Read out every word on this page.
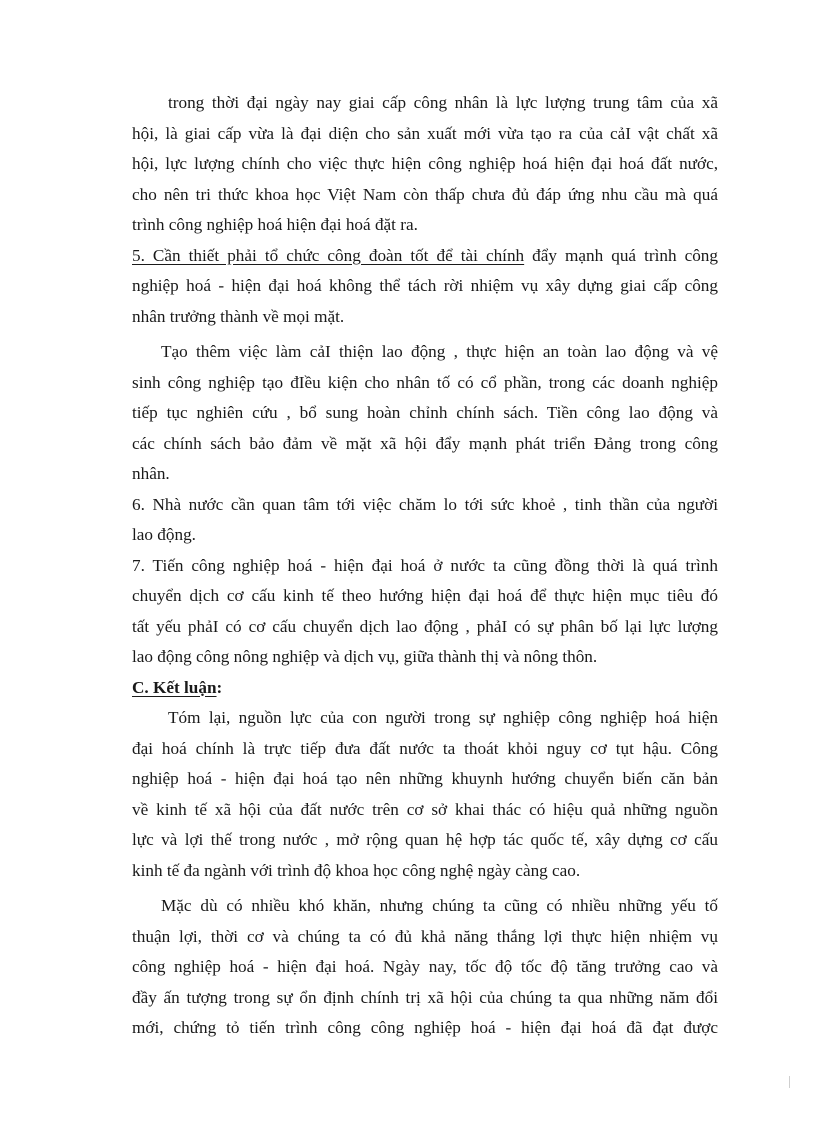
trong thời đại ngày nay giai cấp công nhân là lực lượng trung tâm của xã
hội, là giai cấp vừa là đại diện cho sản xuất mới vừa tạo ra của cảI vật chất xã
hội, lực lượng chính cho việc thực hiện công nghiệp hoá hiện đại hoá đất nước,
cho nên tri thức khoa học Việt Nam còn thấp chưa đủ đáp ứng nhu cầu mà quá
trình công nghiệp hoá hiện đại hoá đặt ra.
5. Cần thiết phải tổ chức công đoàn tốt để tài chính đẩy mạnh quá trình công
nghiệp hoá - hiện đại hoá không thể tách rời nhiệm vụ xây dựng giai cấp công
nhân trưởng thành về mọi mặt.
Tạo thêm việc làm cảI thiện lao động , thực hiện an toàn lao động và vệ
sinh công nghiệp tạo đIều kiện cho nhân tố có cổ phần, trong các doanh nghiệp
tiếp tục nghiên cứu , bổ sung hoàn chỉnh chính sách. Tiền công lao động và
các chính sách bảo đảm về mặt xã hội đẩy mạnh phát triển Đảng trong công
nhân.
6. Nhà nước cần quan tâm tới việc chăm lo tới sức khoẻ , tinh thần của người
lao động.
7. Tiến công nghiệp hoá - hiện đại hoá ở nước ta cũng đồng thời là quá trình
chuyển dịch cơ cấu kinh tế theo hướng hiện đại hoá để thực hiện mục tiêu đó
tất yếu phảI có cơ cấu chuyển dịch lao động , phảI có sự phân bố lại lực lượng
lao động công nông nghiệp và dịch vụ, giữa thành thị và nông thôn.
C. Kết luận:
Tóm lại, nguồn lực của con người trong sự nghiệp công nghiệp hoá hiện
đại hoá chính là trực tiếp đưa đất nước ta thoát khỏi nguy cơ tụt hậu. Công
nghiệp hoá - hiện đại hoá tạo nên những khuynh hướng chuyển biến căn bản
về kinh tế xã hội của đất nước trên cơ sở khai thác có hiệu quả những nguồn
lực và lợi thế trong nước , mở rộng quan hệ hợp tác quốc tế, xây dựng cơ cấu
kinh tế đa ngành với trình độ khoa học công nghệ ngày càng cao.
Mặc dù có nhiều khó khăn, nhưng chúng ta cũng có nhiều những yếu tố
thuận lợi, thời cơ và chúng ta có đủ khả năng thắng lợi thực hiện nhiệm vụ
công nghiệp hoá - hiện đại hoá. Ngày nay, tốc độ tốc độ tăng trưởng cao và
đầy ấn tượng trong sự ổn định chính trị xã hội của chúng ta qua những năm đổi
mới, chứng tỏ tiến trình công công nghiệp hoá - hiện đại hoá đã đạt được
